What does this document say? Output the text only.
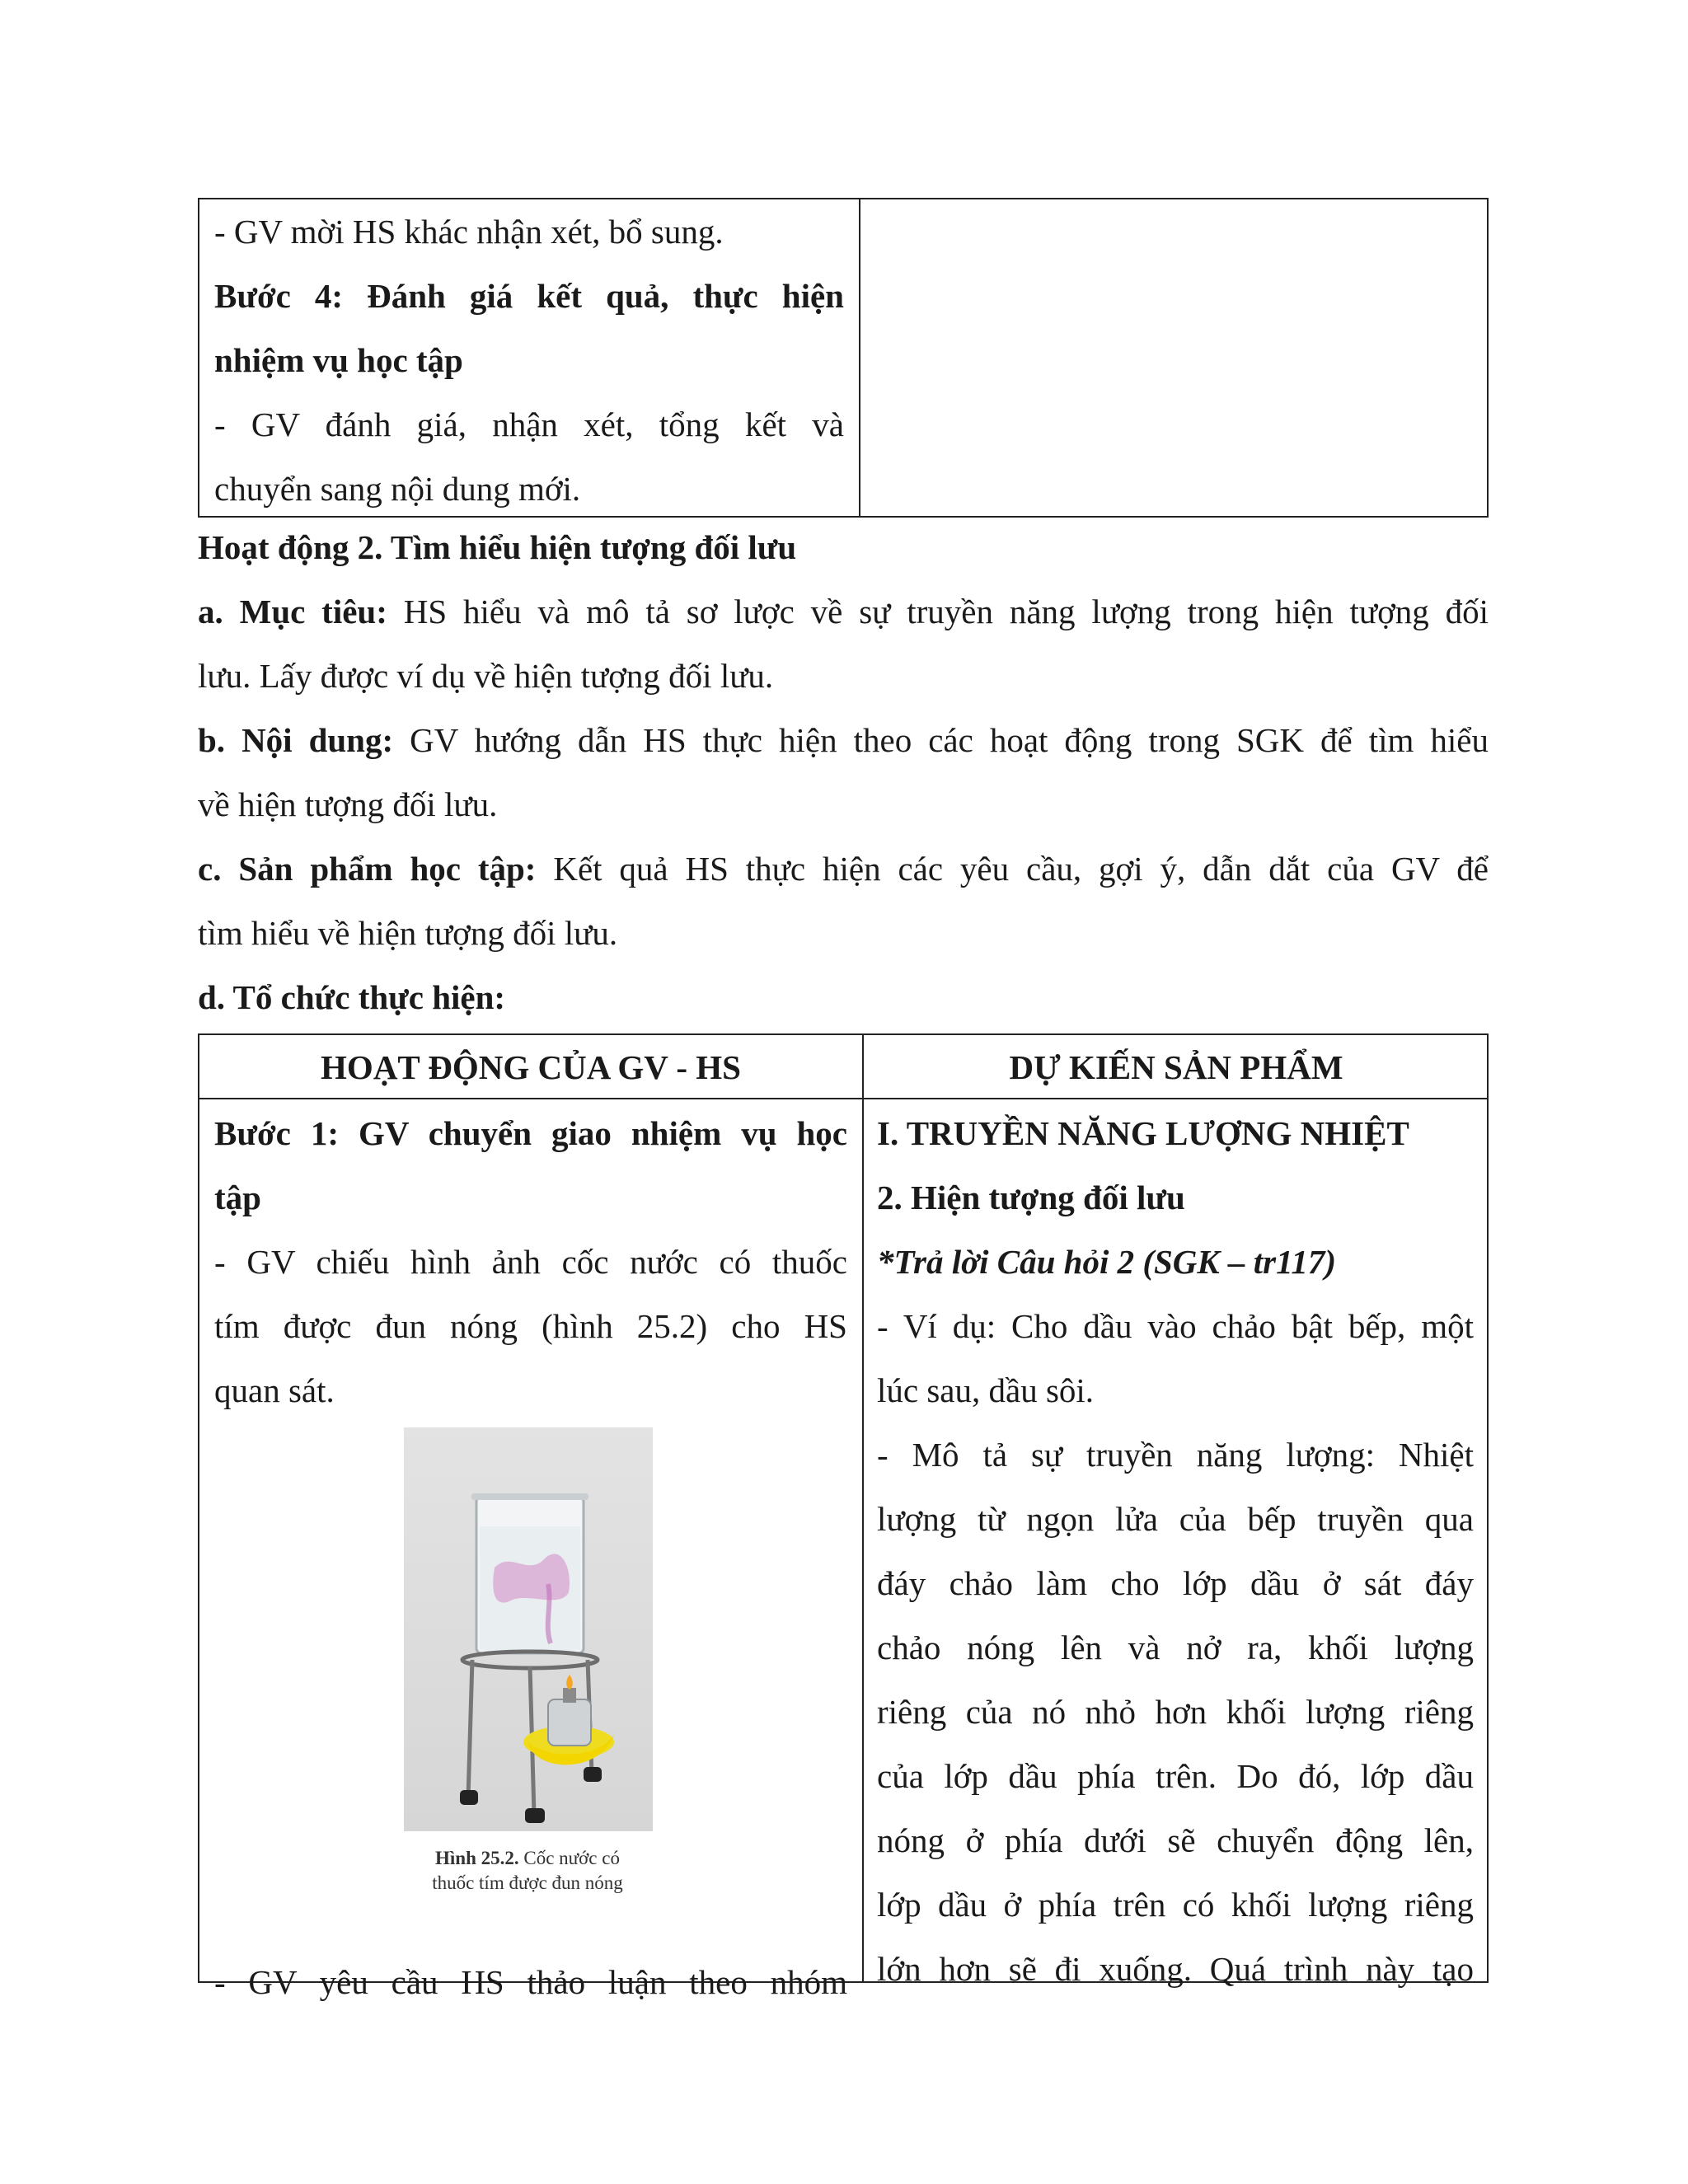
- GV mời HS khác nhận xét, bổ sung.
Bước 4: Đánh giá kết quả, thực hiện
nhiệm vụ học tập
- GV đánh giá, nhận xét, tổng kết và
chuyển sang nội dung mới.
Hoạt động 2. Tìm hiểu hiện tượng đối lưu
a. Mục tiêu: HS hiểu và mô tả sơ lược về sự truyền năng lượng trong hiện tượng đối
lưu. Lấy được ví dụ về hiện tượng đối lưu.
b. Nội dung: GV hướng dẫn HS thực hiện theo các hoạt động trong SGK để tìm hiểu
về hiện tượng đối lưu.
c. Sản phẩm học tập: Kết quả HS thực hiện các yêu cầu, gợi ý, dẫn dắt của GV để
tìm hiểu về hiện tượng đối lưu.
d. Tổ chức thực hiện:
HOẠT ĐỘNG CỦA GV - HS	DỰ KIẾN SẢN PHẨM
Bước 1: GV chuyển giao nhiệm vụ học
tập
- GV chiếu hình ảnh cốc nước có thuốc
tím được đun nóng (hình 25.2) cho HS
quan sát.
- GV yêu cầu HS thảo luận theo nhóm
I. TRUYỀN NĂNG LƯỢNG NHIỆT
2. Hiện tượng đối lưu
*Trả lời Câu hỏi 2 (SGK – tr117)
- Ví dụ: Cho dầu vào chảo bật bếp, một
lúc sau, dầu sôi.
- Mô tả sự truyền năng lượng: Nhiệt
lượng từ ngọn lửa của bếp truyền qua
đáy chảo làm cho lớp dầu ở sát đáy
chảo nóng lên và nở ra, khối lượng
riêng của nó nhỏ hơn khối lượng riêng
của lớp dầu phía trên. Do đó, lớp dầu
nóng ở phía dưới sẽ chuyển động lên,
lớp dầu ở phía trên có khối lượng riêng
lớn hơn sẽ đi xuống. Quá trình này tạo
Hình 25.2. Cốc nước có
thuốc tím được đun nóng
